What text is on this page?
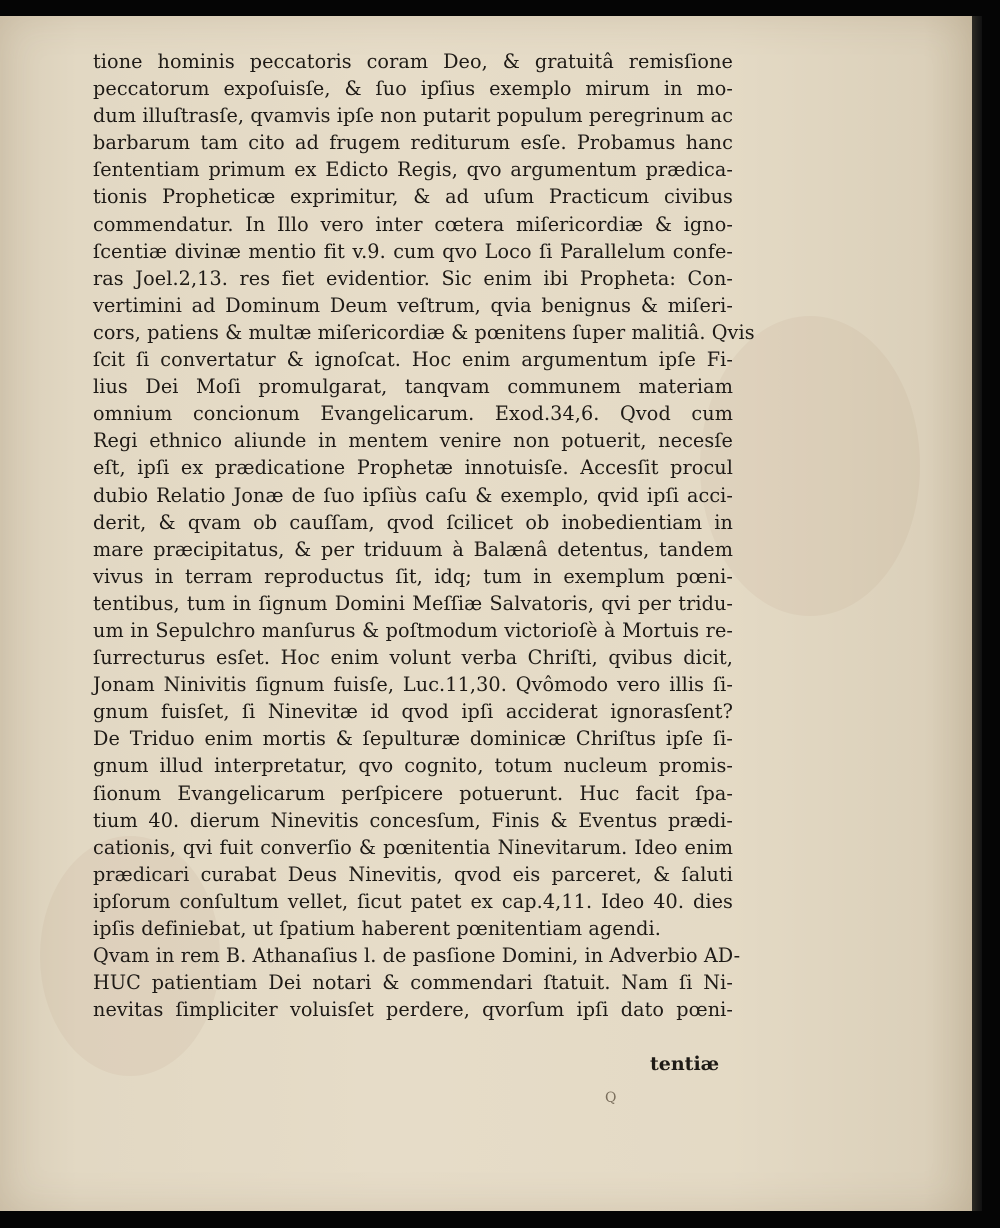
tione hominis peccatoris coram Deo, & gratuitâ remisſione
peccatorum expoſuisſe, & ſuo ipſius exemplo mirum in mo-
dum illuſtrasſe, qvamvis ipſe non putarit populum peregrinum ac
barbarum tam cito ad frugem rediturum esſe. Probamus hanc
ſententiam primum ex Edicto Regis, qvo argumentum prædica-
tionis Propheticæ exprimitur, & ad uſum Practicum civibus
commendatur. In Illo vero inter cœtera miſericordiæ & igno-
ſcentiæ divinæ mentio fit v.9. cum qvo Loco ſi Parallelum confe-
ras Joel.2,13. res fiet evidentior. Sic enim ibi Propheta: Con-
vertimini ad Dominum Deum veſtrum, qvia benignus & miſeri-
cors, patiens & multæ miſericordiæ & pœnitens ſuper malitiâ. Qvis
ſcit ſi convertatur & ignoſcat. Hoc enim argumentum ipſe Fi-
lius Dei Moſi promulgarat, tanqvam communem materiam
omnium concionum Evangelicarum. Exod.34,6. Qvod cum
Regi ethnico aliunde in mentem venire non potuerit, necesſe
eſt, ipſi ex prædicatione Prophetæ innotuisſe. Accesſit procul
dubio Relatio Jonæ de ſuo ipſiùs caſu & exemplo, qvid ipſi acci-
derit, & qvam ob cauſſam, qvod ſcilicet ob inobedientiam in
mare præcipitatus, & per triduum à Balænâ detentus, tandem
vivus in terram reproductus ſit, idq; tum in exemplum pœni-
tentibus, tum in ſignum Domini Meſſiæ Salvatoris, qvi per tridu-
um in Sepulchro manſurus & poſtmodum victorioſè à Mortuis re-
ſurrecturus esſet. Hoc enim volunt verba Chriſti, qvibus dicit,
Jonam Ninivitis ſignum fuisſe, Luc.11,30. Qvômodo vero illis ſi-
gnum fuisſet, ſi Ninevitæ id qvod ipſi acciderat ignorasſent?
De Triduo enim mortis & ſepulturæ dominicæ Chriſtus ipſe ſi-
gnum illud interpretatur, qvo cognito, totum nucleum promis-
ſionum Evangelicarum perſpicere potuerunt. Huc facit ſpa-
tium 40. dierum Ninevitis concesſum, Finis & Eventus prædi-
cationis, qvi fuit converſio & pœnitentia Ninevitarum. Ideo enim
prædicari curabat Deus Ninevitis, qvod eis parceret, & ſaluti
ipſorum conſultum vellet, ſicut patet ex cap.4,11. Ideo 40. dies
ipſis definiebat, ut ſpatium haberent pœnitentiam agendi.
Qvam in rem B. Athanaſius l. de pasſione Domini, in Adverbio AD-
HUC patientiam Dei notari & commendari ſtatuit. Nam ſi Ni-
nevitas ſimpliciter voluisſet perdere, qvorſum ipſi dato pœni-
tentiæ
Q
